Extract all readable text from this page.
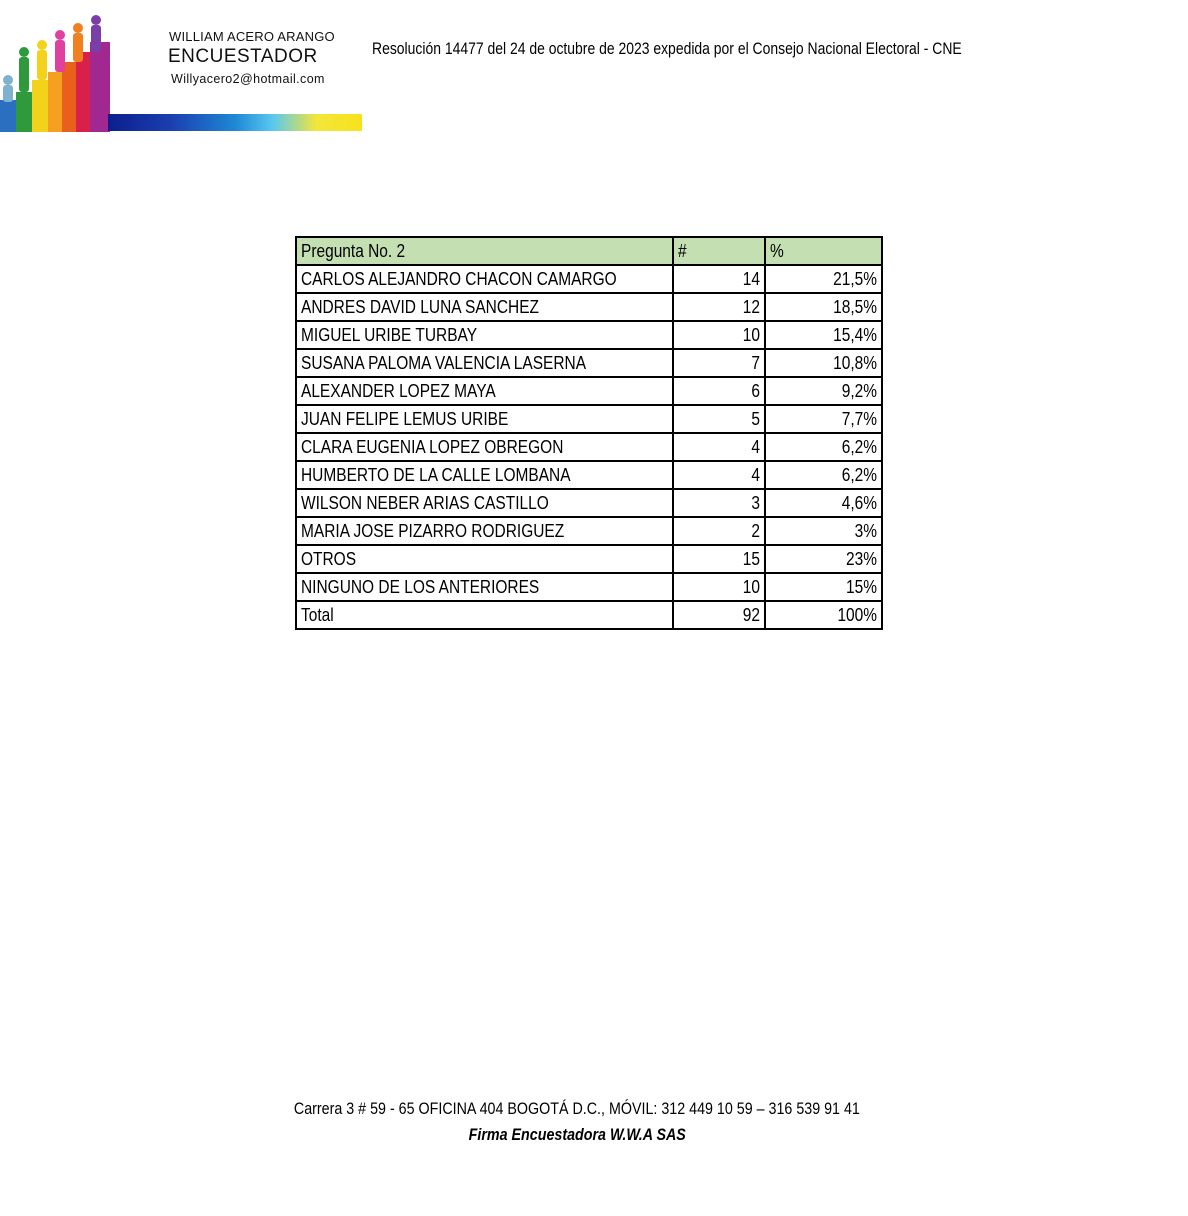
WILLIAM ACERO ARANGO
ENCUESTADOR
Willyacero2@hotmail.com
Resolución 14477 del 24 de octubre de 2023 expedida por el Consejo Nacional Electoral - CNE
Pregunta No. 2	#	%
CARLOS ALEJANDRO CHACON CAMARGO	14	21,5%
ANDRES DAVID LUNA SANCHEZ	12	18,5%
MIGUEL URIBE TURBAY	10	15,4%
SUSANA PALOMA VALENCIA LASERNA	7	10,8%
ALEXANDER LOPEZ MAYA	6	9,2%
JUAN FELIPE LEMUS URIBE	5	7,7%
CLARA EUGENIA LOPEZ OBREGON	4	6,2%
HUMBERTO DE LA CALLE LOMBANA	4	6,2%
WILSON NEBER ARIAS CASTILLO	3	4,6%
MARIA JOSE PIZARRO RODRIGUEZ	2	3%
OTROS	15	23%
NINGUNO DE LOS ANTERIORES	10	15%
Total	92	100%
Carrera 3 # 59 - 65 OFICINA 404 BOGOTÁ D.C., MÓVIL: 312 449 10 59 – 316 539 91 41
Firma Encuestadora W.W.A SAS
